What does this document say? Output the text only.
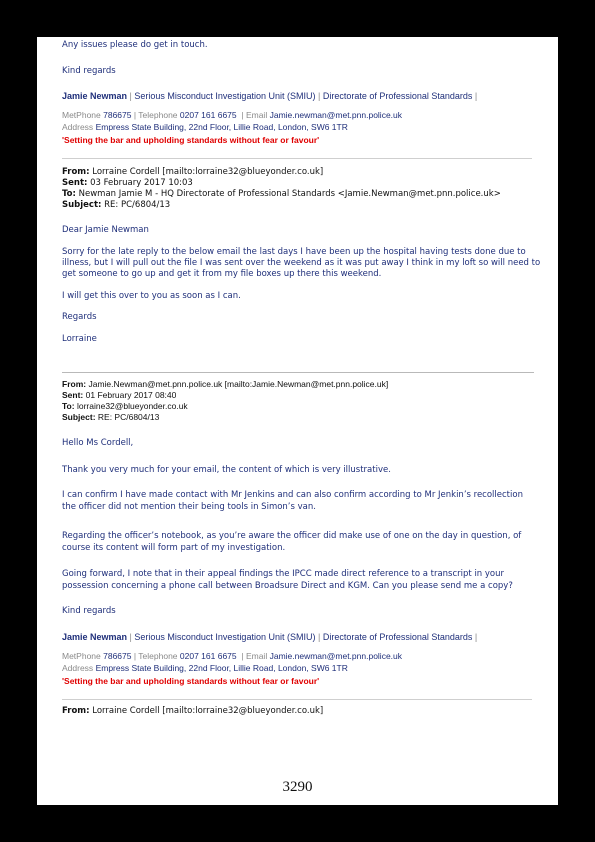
Any issues please do get in touch.
Kind regards
Jamie Newman | Serious Misconduct Investigation Unit (SMIU) | Directorate of Professional Standards |
MetPhone 786675 | Telephone 0207 161 6675  | Email Jamie.newman@met.pnn.police.uk
Address Empress State Building, 22nd Floor, Lillie Road, London, SW6 1TR
'Setting the bar and upholding standards without fear or favour'
From: Lorraine Cordell [mailto:lorraine32@blueyonder.co.uk]
Sent: 03 February 2017 10:03
To: Newman Jamie M - HQ Directorate of Professional Standards <Jamie.Newman@met.pnn.police.uk>
Subject: RE: PC/6804/13
Dear Jamie Newman
Sorry for the late reply to the below email the last days I have been up the hospital having tests done due to
illness, but I will pull out the file I was sent over the weekend as it was put away I think in my loft so will need to
get someone to go up and get it from my file boxes up there this weekend.
I will get this over to you as soon as I can.
Regards
Lorraine
From: Jamie.Newman@met.pnn.police.uk [mailto:Jamie.Newman@met.pnn.police.uk]
Sent: 01 February 2017 08:40
To: lorraine32@blueyonder.co.uk
Subject: RE: PC/6804/13
Hello Ms Cordell,
Thank you very much for your email, the content of which is very illustrative.
I can confirm I have made contact with Mr Jenkins and can also confirm according to Mr Jenkin’s recollection
the officer did not mention their being tools in Simon’s van.
Regarding the officer’s notebook, as you’re aware the officer did make use of one on the day in question, of
course its content will form part of my investigation.
Going forward, I note that in their appeal findings the IPCC made direct reference to a transcript in your
possession concerning a phone call between Broadsure Direct and KGM. Can you please send me a copy?
Kind regards
Jamie Newman | Serious Misconduct Investigation Unit (SMIU) | Directorate of Professional Standards |
MetPhone 786675 | Telephone 0207 161 6675  | Email Jamie.newman@met.pnn.police.uk
Address Empress State Building, 22nd Floor, Lillie Road, London, SW6 1TR
'Setting the bar and upholding standards without fear or favour'
From: Lorraine Cordell [mailto:lorraine32@blueyonder.co.uk]
3290
